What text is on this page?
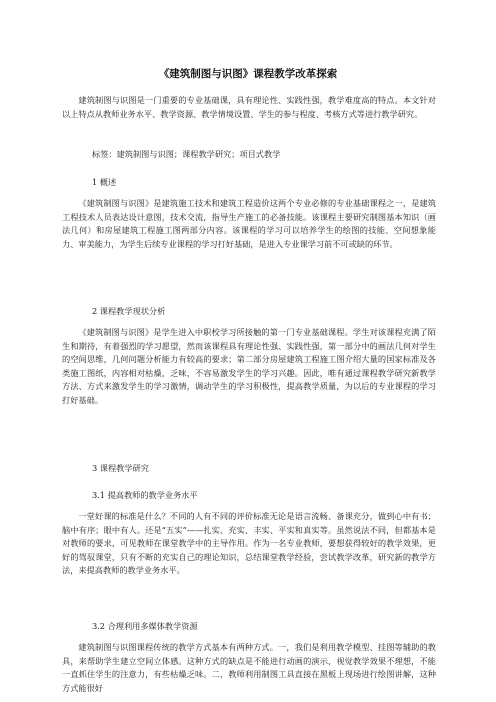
《建筑制图与识图》课程教学改革探索

建筑制图与识图是一门重要的专业基础课，具有理论性、实践性强，教学难度高的特点。本文针对以上特点从教师业务水平、教学资源、教学情境设置、学生的参与程度、考核方式等进行教学研究。

标签：建筑制图与识图；课程教学研究；项目式教学

1 概述

《建筑制图与识图》是建筑施工技术和建筑工程造价这两个专业必修的专业基础课程之一，是建筑工程技术人员表达设计意图，技术交流，指导生产施工的必备技能。该课程主要研究制图基本知识（画法几何）和房屋建筑工程施工图两部分内容。该课程的学习可以培养学生的绘图的技能、空间想象能力、审美能力，为学生后续专业课程的学习打好基础，是进入专业课学习前不可或缺的环节。

2 课程教学现状分析

《建筑制图与识图》是学生进入中职校学习所接触的第一门专业基础课程。学生对该课程充满了陌生和期待，有着强烈的学习愿望，然而该课程具有理论性强、实践性强，第一部分中的画法几何对学生的空间思维，几何问题分析能力有较高的要求；第二部分房屋建筑工程施工图介绍大量的国家标准及各类施工图纸，内容相对枯燥，乏味，不容易激发学生的学习兴趣。因此，唯有通过课程教学研究新教学方法、方式来激发学生的学习激情，调动学生的学习积极性，提高教学质量，为以后的专业课程的学习打好基础。

3 课程教学研究

3.1 提高教师的教学业务水平

一堂好课的标准是什么？不同的人有不同的评价标准无论是语言流畅、备课充分，做到心中有书；脑中有序；眼中有人。还是“五实”——扎实、充实、丰实、平实和真实等。虽然说法不同，但都基本是对教师的要求，可见教师在课堂教学中的主导作用。作为一名专业教师，要想获得较好的教学效果，更好的驾驭课堂，只有不断的充实自己的理论知识，总结课堂教学经验，尝试教学改革，研究新的教学方法，来提高教师的教学业务水平。

3.2 合理利用多媒体教学资源

建筑制图与识图课程传统的教学方式基本有两种方式。一，我们是利用教学模型、挂图等辅助的教具，来帮助学生建立空间立体感。这种方式的缺点是不能进行动画的演示，视觉教学效果不理想，不能一直抓住学生的注意力，有些枯燥乏味。二，教师利用制图工具直接在黑板上现场进行绘图讲解，这种方式能很好
